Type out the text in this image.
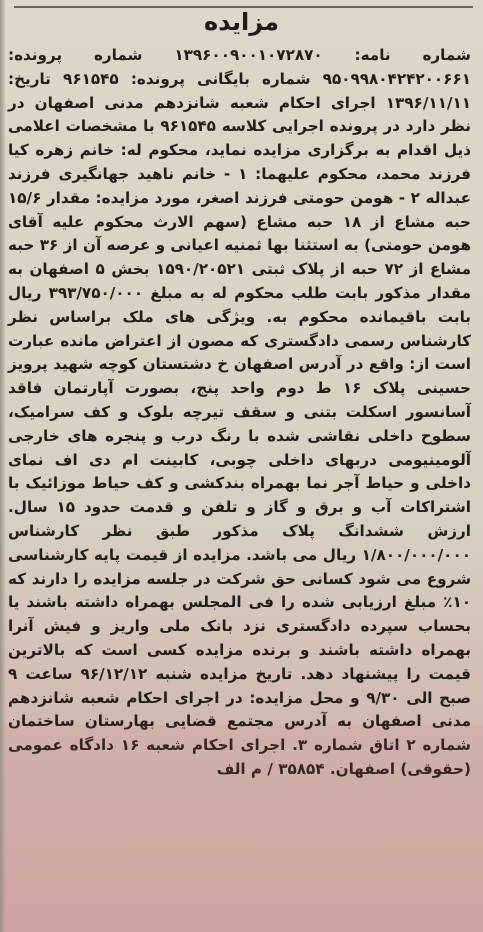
مزایده

شماره نامه: ۱۳۹۶۰۰۹۰۰۱۰۷۲۸۷۰ شماره پرونده: ۹۵۰۹۹۸۰۴۲۴۲۰۰۶۶۱ شماره بایگانی پرونده: ۹۶۱۵۴۵ تاریخ: ۱۳۹۶/۱۱/۱۱ اجرای احکام شعبه شانزدهم مدنی اصفهان در نظر دارد در پرونده اجرایی کلاسه ۹۶۱۵۴۵ با مشخصات اعلامی ذیل اقدام به برگزاری مزایده نماید، محکوم له: خانم زهره کیا فرزند محمد، محکوم علیهما: ۱ - خانم ناهید جهانگیری فرزند عبداله ۲ - هومن حومتی فرزند اصغر، مورد مزایده: مقدار ۱۵/۶ حبه مشاع از ۱۸ حبه مشاع (سهم الارث محکوم علیه آقای هومن حومتی) به استثنا بها ثمنیه اعیانی و عرصه آن از ۳۶ حبه مشاع از ۷۲ حبه از پلاک ثبتی ۱۵۹۰/۲۰۵۲۱ بخش ۵ اصفهان به مقدار مذکور بابت طلب محکوم له به مبلغ ۳۹۳/۷۵۰/۰۰۰ ریال بابت باقیمانده محکوم به. ویژگی های ملک براساس نظر کارشناس رسمی دادگستری که مصون از اعتراض مانده عبارت است از: واقع در آدرس اصفهان خ دشتستان کوچه شهید پرویز حسینی پلاک ۱۶ ط دوم واحد پنج، بصورت آپارتمان فاقد آسانسور اسکلت بتنی و سقف تیرچه بلوک و کف سرامیک، سطوح داخلی نقاشی شده با رنگ درب و پنجره های خارجی آلومینیومی دربهای داخلی چوبی، کابینت ام دی اف نمای داخلی و حیاط آجر نما بهمراه بندکشی و کف حیاط موزائیک با اشتراکات آب و برق و گاز و تلفن و قدمت حدود ۱۵ سال. ارزش ششدانگ پلاک مذکور طبق نظر کارشناس ۱/۸۰۰/۰۰۰/۰۰۰ ریال می باشد. مزایده از قیمت پایه کارشناسی شروع می شود کسانی حق شرکت در جلسه مزایده را دارند که ۱۰٪ مبلغ ارزیابی شده را فی المجلس بهمراه داشته باشند یا بحساب سپرده دادگستری نزد بانک ملی واریز و فیش آنرا بهمراه داشته باشند و برنده مزایده کسی است که بالاترین قیمت را پیشنهاد دهد. تاریخ مزایده شنبه ۹۶/۱۲/۱۲ ساعت ۹ صبح الی ۹/۳۰ و محل مزایده: در اجرای احکام شعبه شانزدهم مدنی اصفهان به آدرس مجتمع قضایی بهارستان ساختمان شماره ۲ اتاق شماره ۳. اجرای احکام شعبه ۱۶ دادگاه عمومی (حقوقی) اصفهان. ۳۵۸۵۴ / م الف
